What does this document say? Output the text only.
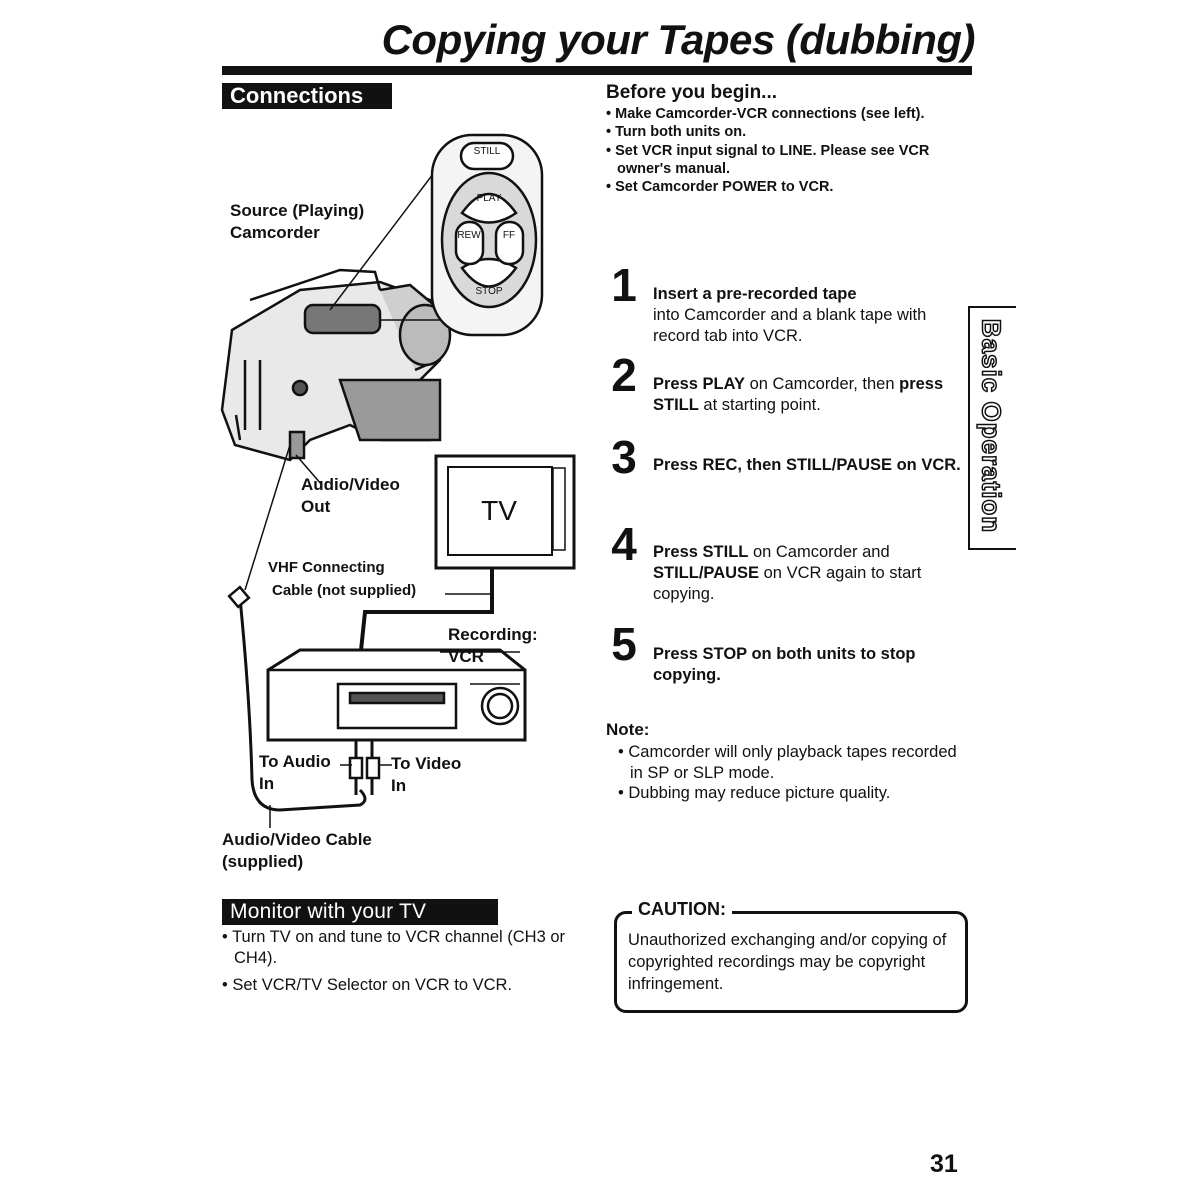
Copying your Tapes (dubbing)
Connections
STILL
PLAY
REW FF
STOP
TV
Source (Playing)
Camcorder
Audio/Video
Out
VHF Connecting
Cable (not supplied)
Recording:
VCR
To Audio
In
To Video
In
Audio/Video Cable
(supplied)
Before you begin...
• Make Camcorder-VCR connections (see left).
• Turn both units on.
• Set VCR input signal to LINE. Please see VCR owner's manual.
• Set Camcorder POWER to VCR.
1 Insert a pre-recorded tape
into Camcorder and a blank tape with record tab into VCR.
2 Press PLAY on Camcorder, then press STILL at starting point.
3 Press REC, then STILL/PAUSE on VCR.
4 Press STILL on Camcorder and STILL/PAUSE on VCR again to start copying.
5 Press STOP on both units to stop copying.
Basic Operation
Note:
• Camcorder will only playback tapes recorded in SP or SLP mode.
• Dubbing may reduce picture quality.
Monitor with your TV
• Turn TV on and tune to VCR channel (CH3 or CH4).
• Set VCR/TV Selector on VCR to VCR.
CAUTION:
Unauthorized exchanging and/or copying of copyrighted recordings may be copyright infringement.
31
